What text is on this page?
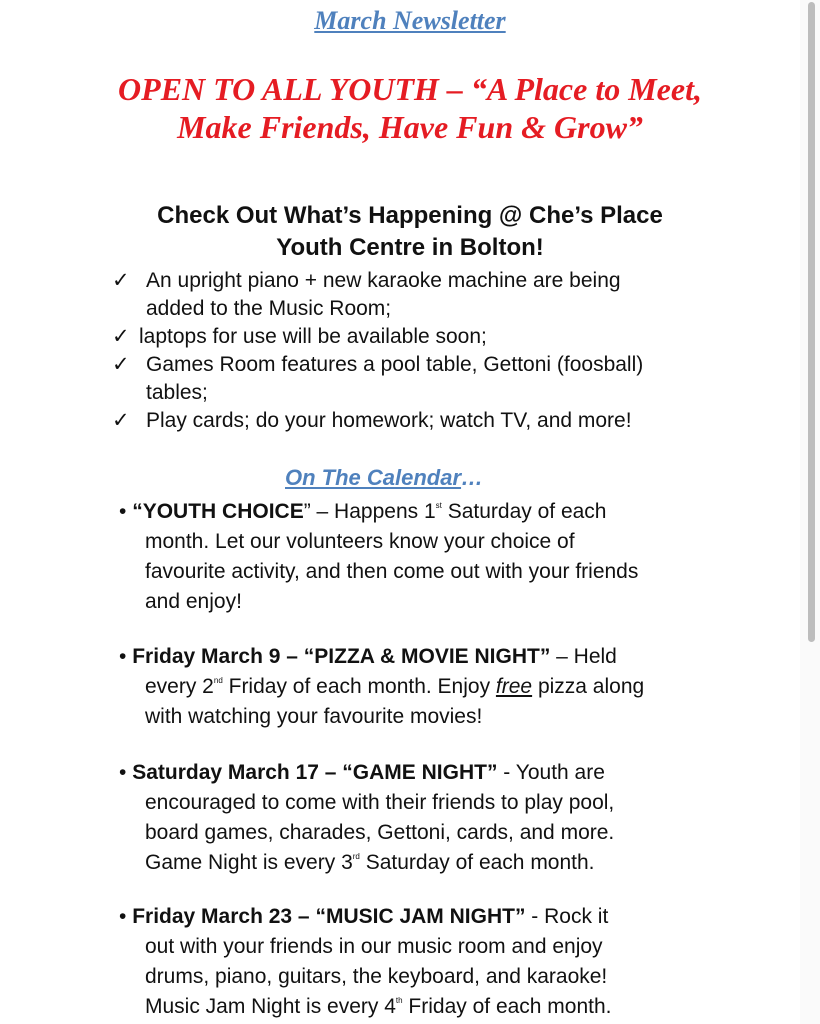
March Newsletter
OPEN TO ALL YOUTH – “A Place to Meet,
Make Friends, Have Fun & Grow”
Check Out What’s Happening @ Che’s Place
Youth Centre in Bolton!
✓ An upright piano + new karaoke machine are being
added to the Music Room;
✓ laptops for use will be available soon;
✓ Games Room features a pool table, Gettoni (foosball)
tables;
✓ Play cards; do your homework; watch TV, and more!
On The Calendar…
• “YOUTH CHOICE” – Happens 1st Saturday of each
month. Let our volunteers know your choice of
favourite activity, and then come out with your friends
and enjoy!
• Friday March 9 – “PIZZA & MOVIE NIGHT” – Held
every 2nd Friday of each month. Enjoy free pizza along
with watching your favourite movies!
• Saturday March 17 – “GAME NIGHT” - Youth are
encouraged to come with their friends to play pool,
board games, charades, Gettoni, cards, and more.
Game Night is every 3rd Saturday of each month.
• Friday March 23 – “MUSIC JAM NIGHT” - Rock it
out with your friends in our music room and enjoy
drums, piano, guitars, the keyboard, and karaoke!
Music Jam Night is every 4th Friday of each month.
